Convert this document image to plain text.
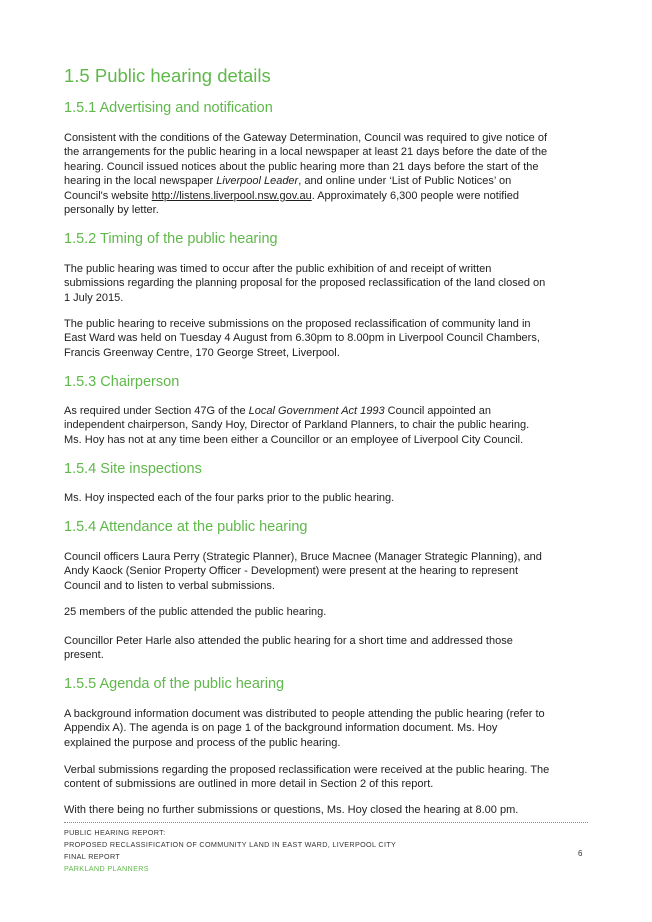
1.5 Public hearing details
1.5.1 Advertising and notification
Consistent with the conditions of the Gateway Determination, Council was required to give notice of
the arrangements for the public hearing in a local newspaper at least 21 days before the date of the
hearing. Council issued notices about the public hearing more than 21 days before the start of the
hearing in the local newspaper Liverpool Leader, and online under ‘List of Public Notices’ on
Council's website http://listens.liverpool.nsw.gov.au. Approximately 6,300 people were notified
personally by letter.
1.5.2 Timing of the public hearing
The public hearing was timed to occur after the public exhibition of and receipt of written
submissions regarding the planning proposal for the proposed reclassification of the land closed on
1 July 2015.
The public hearing to receive submissions on the proposed reclassification of community land in
East Ward was held on Tuesday 4 August from 6.30pm to 8.00pm in Liverpool Council Chambers,
Francis Greenway Centre, 170 George Street, Liverpool.
1.5.3 Chairperson
As required under Section 47G of the Local Government Act 1993 Council appointed an
independent chairperson, Sandy Hoy, Director of Parkland Planners, to chair the public hearing.
Ms. Hoy has not at any time been either a Councillor or an employee of Liverpool City Council.
1.5.4 Site inspections
Ms. Hoy inspected each of the four parks prior to the public hearing.
1.5.4 Attendance at the public hearing
Council officers Laura Perry (Strategic Planner), Bruce Macnee (Manager Strategic Planning), and
Andy Kaock (Senior Property Officer - Development) were present at the hearing to represent
Council and to listen to verbal submissions.
25 members of the public attended the public hearing.
Councillor Peter Harle also attended the public hearing for a short time and addressed those
present.
1.5.5 Agenda of the public hearing
A background information document was distributed to people attending the public hearing (refer to
Appendix A). The agenda is on page 1 of the background information document. Ms. Hoy
explained the purpose and process of the public hearing.
Verbal submissions regarding the proposed reclassification were received at the public hearing. The
content of submissions are outlined in more detail in Section 2 of this report.
With there being no further submissions or questions, Ms. Hoy closed the hearing at 8.00 pm.
PUBLIC HEARING REPORT:
PROPOSED RECLASSIFICATION OF COMMUNITY LAND IN EAST WARD, LIVERPOOL CITY
FINAL REPORT
PARKLAND PLANNERS
6
